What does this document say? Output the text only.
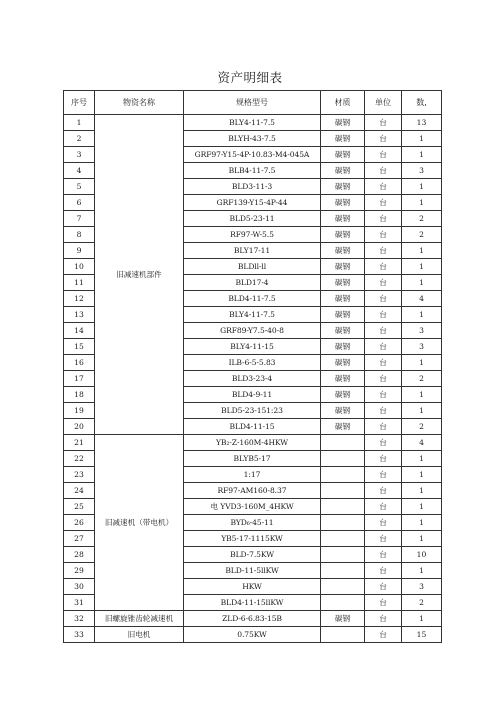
资产明细表
序号	物资名称	规格型号	材质	单位	数,
1	旧减速机部件	BLY4-11-7.5	碳钢	台	13
2		BLYH-43-7.5	碳钢	台	1
3		GRF97-Y15-4P-10.83-M4-045A	碳钢	台	1
4		BLB4-11-7.5	碳钢	台	3
5		BLD3-11-3	碳钢	台	1
6		GRF139-Y15-4P-44	碳钢	台	1
7		BLD5-23-11	碳钢	台	2
8		RF97-W-5.5	碳钢	台	2
9		BLY17-11	碳钢	台	1
10		BLDll-ll	碳钢	台	1
11		BLD17-4	碳钢	台	1
12		BLD4-11-7.5	碳钢	台	4
13		BLY4-11-7.5	碳钢	台	1
14		GRF89-Y7.5-40-8	碳钢	台	3
15		BLY4-11-15	碳钢	台	3
16		ILB-6-5-5.83	碳钢	台	1
17		BLD3-23-4	碳钢	台	2
18		BLD4-9-11	碳钢	台	1
19		BLD5-23-151:23	碳钢	台	1
20		BLD4-11-15	碳钢	台	2
21	旧减速机（带电机）	YB₂-Z-160M-4HKW		台	4
22		BLYB5-17		台	1
23		1:17		台	1
24		RF97-AM160-8.37		台	1
25		电 YVD3-160M_4HKW		台	1
26		BYD₆-45-11		台	1
27		YB5-17-1115KW		台	1
28		BLD-7.5KW		台	10
29		BLD-11-5llKW		台	1
30		HKW		台	3
31		BLD4-11-15llKW		台	2
32	旧螺旋锥齿轮减速机	ZLD-6-6.83-15B	碳钢	台	1
33	旧电机	0.75KW		台	15
